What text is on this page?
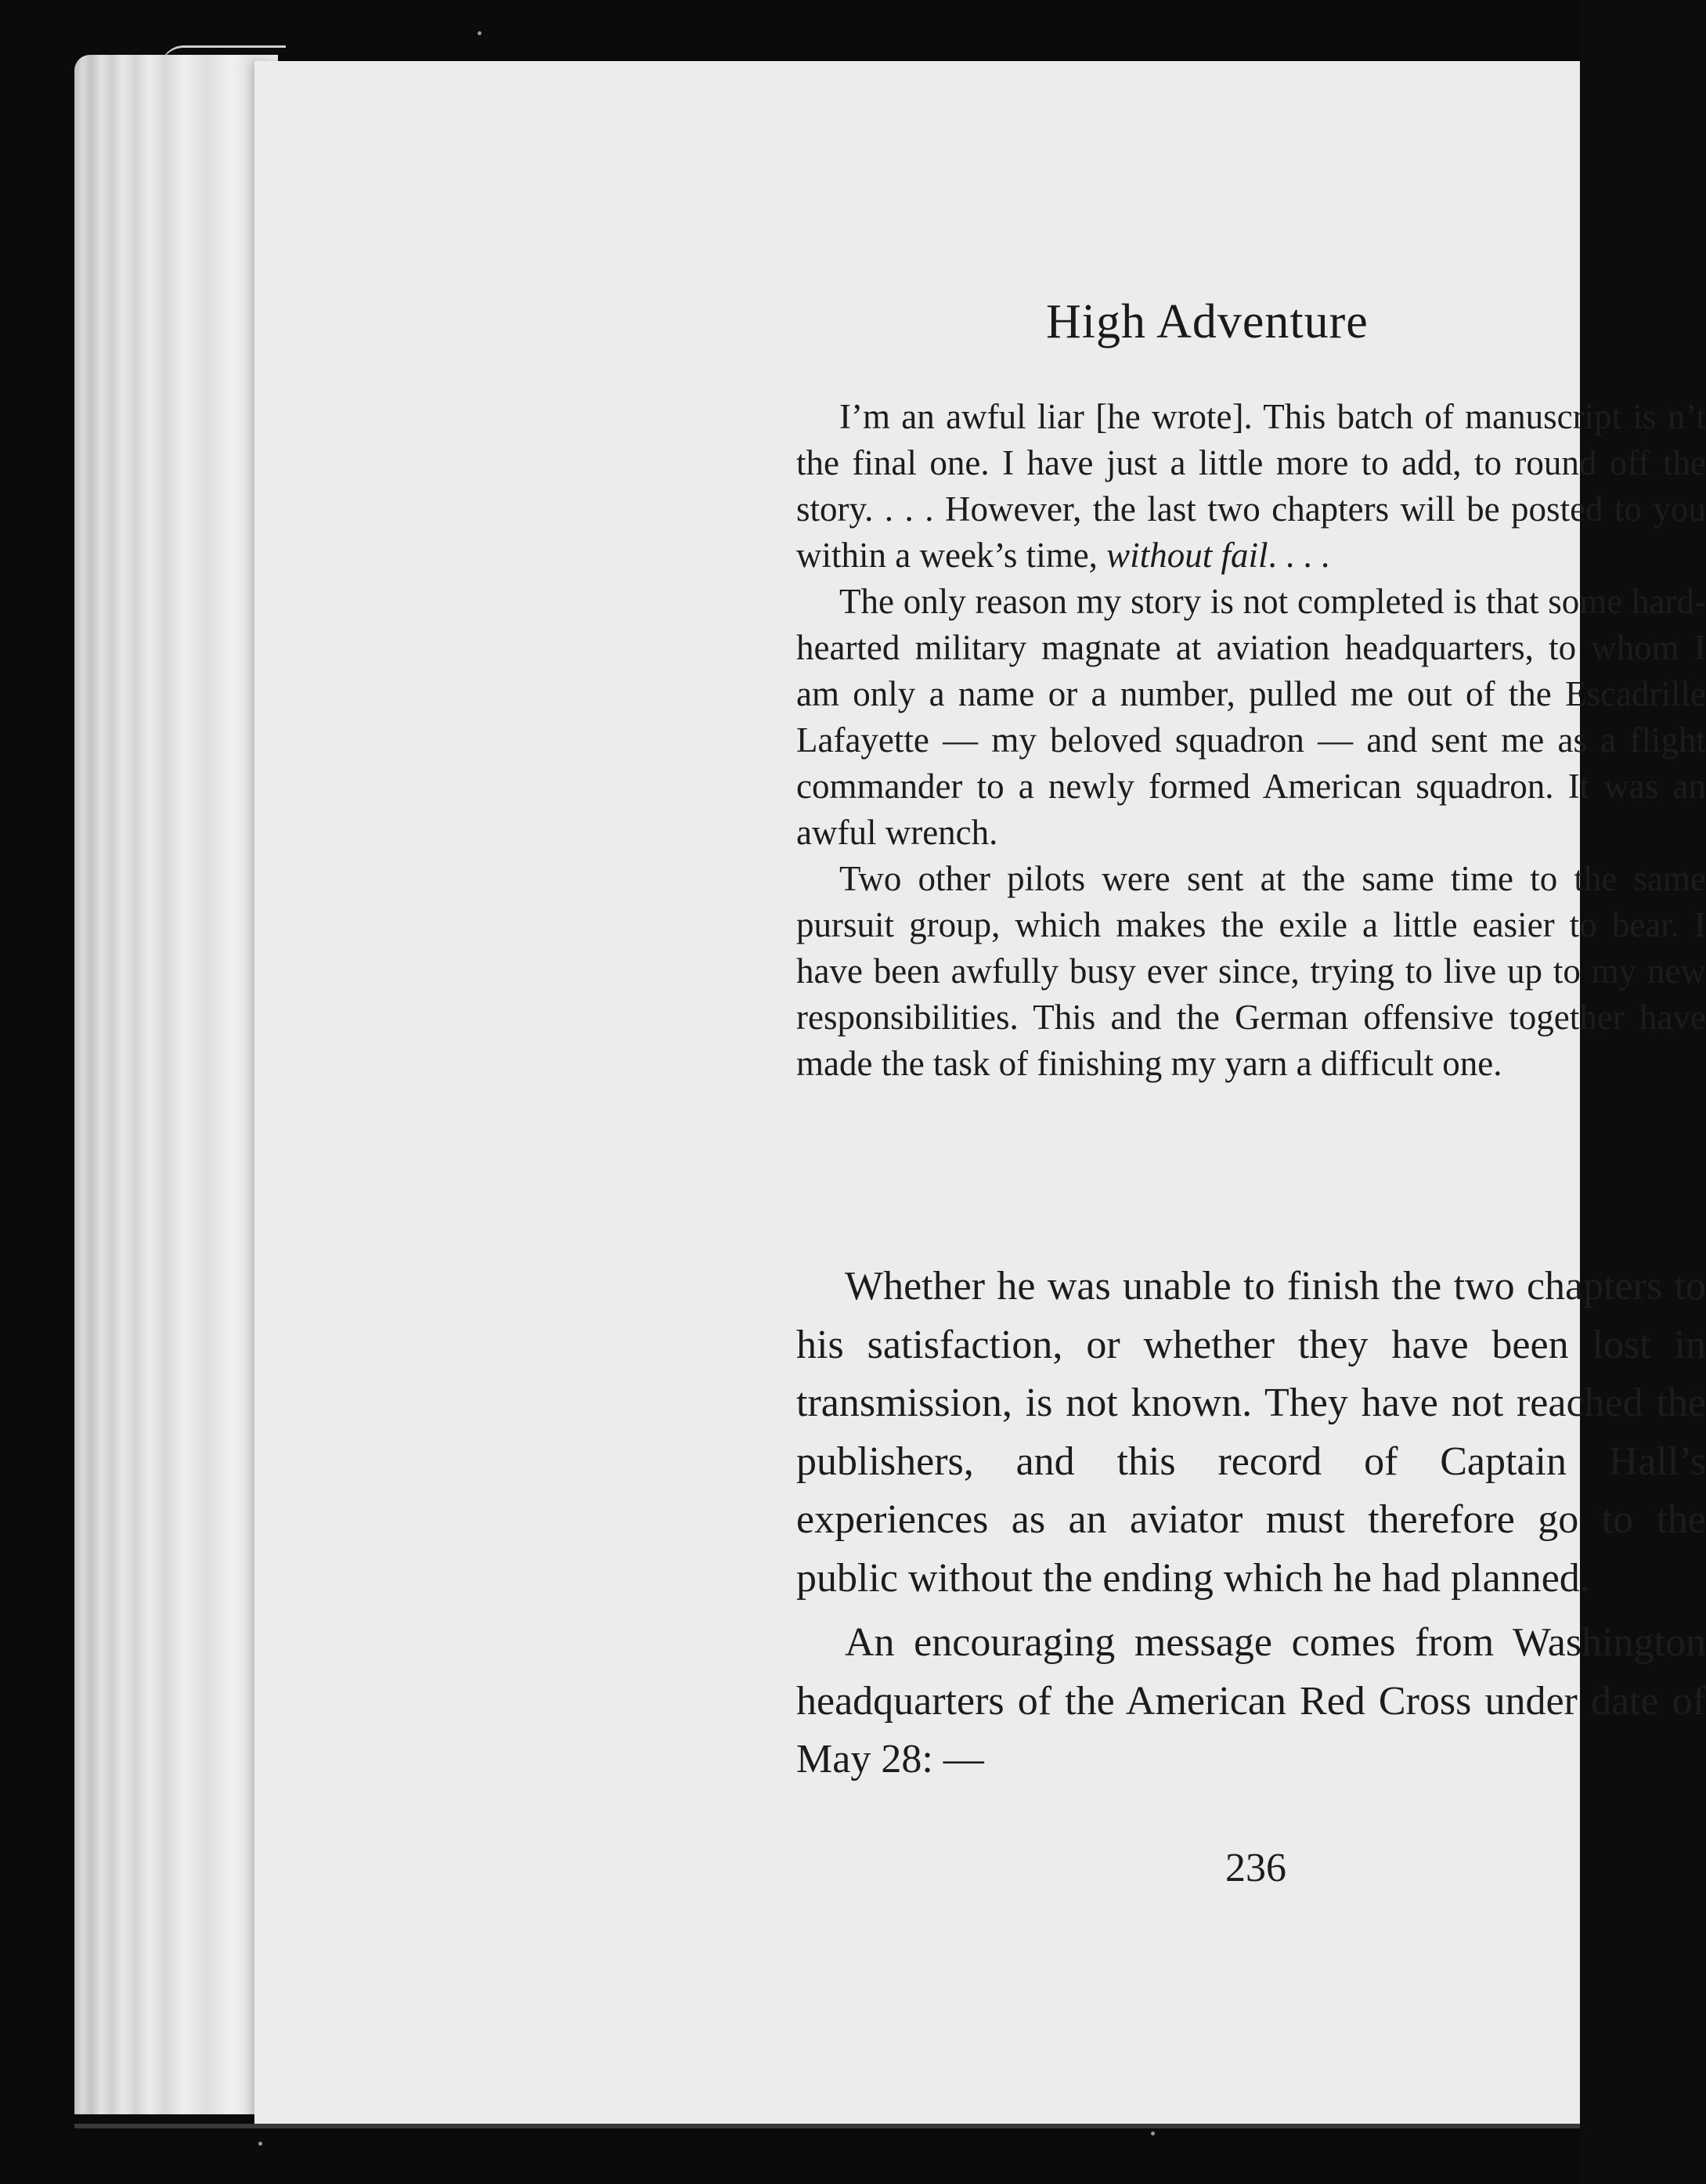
High Adventure

I’m an awful liar [he wrote]. This batch of manuscript is n’t the final one. I have just a little more to add, to round off the story. . . . However, the last two chapters will be posted to you within a week’s time, without fail. . . .

The only reason my story is not completed is that some hard-hearted military magnate at aviation headquarters, to whom I am only a name or a number, pulled me out of the Escadrille Lafayette — my beloved squadron — and sent me as a flight commander to a newly formed American squadron. It was an awful wrench.

Two other pilots were sent at the same time to the same pursuit group, which makes the exile a little easier to bear. I have been awfully busy ever since, trying to live up to my new responsibilities. This and the German offensive together have made the task of finishing my yarn a difficult one.

Whether he was unable to finish the two chapters to his satisfaction, or whether they have been lost in transmission, is not known. They have not reached the publishers, and this record of Captain Hall’s experiences as an aviator must therefore go to the public without the ending which he had planned.

An encouraging message comes from Washington headquarters of the American Red Cross under date of May 28: —

236
